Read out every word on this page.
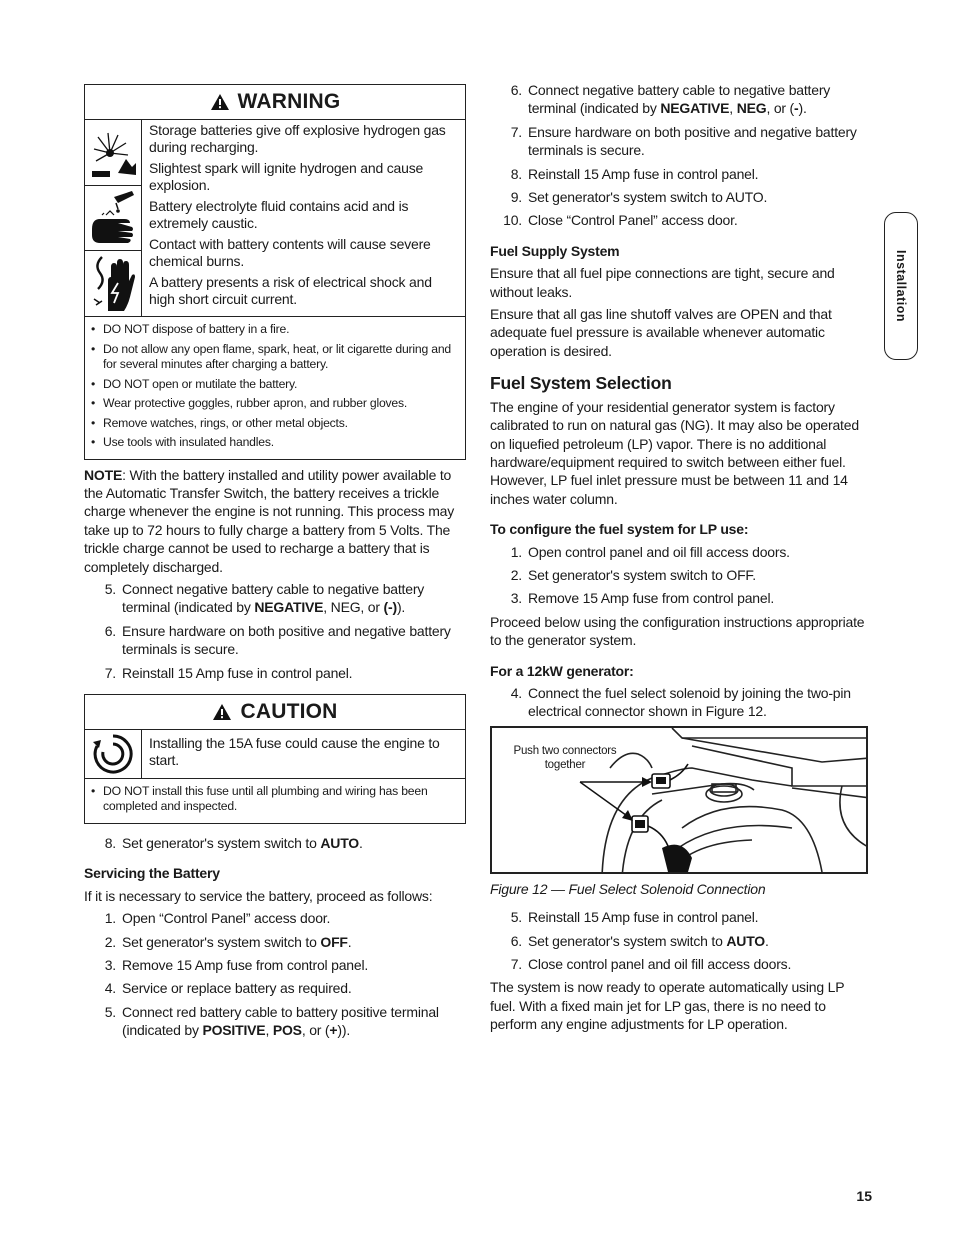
WARNING

Storage batteries give off explosive hydrogen gas during recharging.

Slightest spark will ignite hydrogen and cause explosion.

Battery electrolyte fluid contains acid and is extremely caustic.

Contact with battery contents will cause severe chemical burns.

A battery presents a risk of electrical shock and high short circuit current.

• DO NOT dispose of battery in a fire.
• Do not allow any open flame, spark, heat, or lit cigarette during and for several minutes after charging a battery.
• DO NOT open or mutilate the battery.
• Wear protective goggles, rubber apron, and rubber gloves.
• Remove watches, rings, or other metal objects.
• Use tools with insulated handles.

NOTE: With the battery installed and utility power available to the Automatic Transfer Switch, the battery receives a trickle charge whenever the engine is not running. This process may take up to 72 hours to fully charge a battery from 5 Volts. The trickle charge cannot be used to recharge a battery that is completely discharged.

5. Connect negative battery cable to negative battery terminal (indicated by NEGATIVE, NEG, or (-)).
6. Ensure hardware on both positive and negative battery terminals is secure.
7. Reinstall 15 Amp fuse in control panel.
CAUTION

Installing the 15A fuse could cause the engine to start.

• DO NOT install this fuse until all plumbing and wiring has been completed and inspected.
8. Set generator's system switch to AUTO.
Servicing the Battery

If it is necessary to service the battery, proceed as follows:

1. Open “Control Panel” access door.
2. Set generator's system switch to OFF.
3. Remove 15 Amp fuse from control panel.
4. Service or replace battery as required.
5. Connect red battery cable to battery positive terminal (indicated by POSITIVE, POS, or (+)).
6. Connect negative battery cable to negative battery terminal (indicated by NEGATIVE, NEG, or (-).
7. Ensure hardware on both positive and negative battery terminals is secure.
8. Reinstall 15 Amp fuse in control panel.
9. Set generator's system switch to AUTO.
10. Close “Control Panel” access door.
Fuel Supply System

Ensure that all fuel pipe connections are tight, secure and without leaks.

Ensure that all gas line shutoff valves are OPEN and that adequate fuel pressure is available whenever automatic operation is desired.

Fuel System Selection

The engine of your residential generator system is factory calibrated to run on natural gas (NG). It may also be operated on liquefied petroleum (LP) vapor. There is no additional hardware/equipment required to switch between either fuel. However, LP fuel inlet pressure must be between 11 and 14 inches water column.

To configure the fuel system for LP use:
1. Open control panel and oil fill access doors.
2. Set generator's system switch to OFF.
3. Remove 15 Amp fuse from control panel.

Proceed below using the configuration instructions appropriate to the generator system.

For a 12kW generator:
4. Connect the fuel select solenoid by joining the two-pin electrical connector shown in Figure 12.
Push two connectors together
Figure 12 — Fuel Select Solenoid Connection
5. Reinstall 15 Amp fuse in control panel.
6. Set generator's system switch to AUTO.
7. Close control panel and oil fill access doors.

The system is now ready to operate automatically using LP fuel. With a fixed main jet for LP gas, there is no need to perform any engine adjustments for LP operation.

Installation
15
